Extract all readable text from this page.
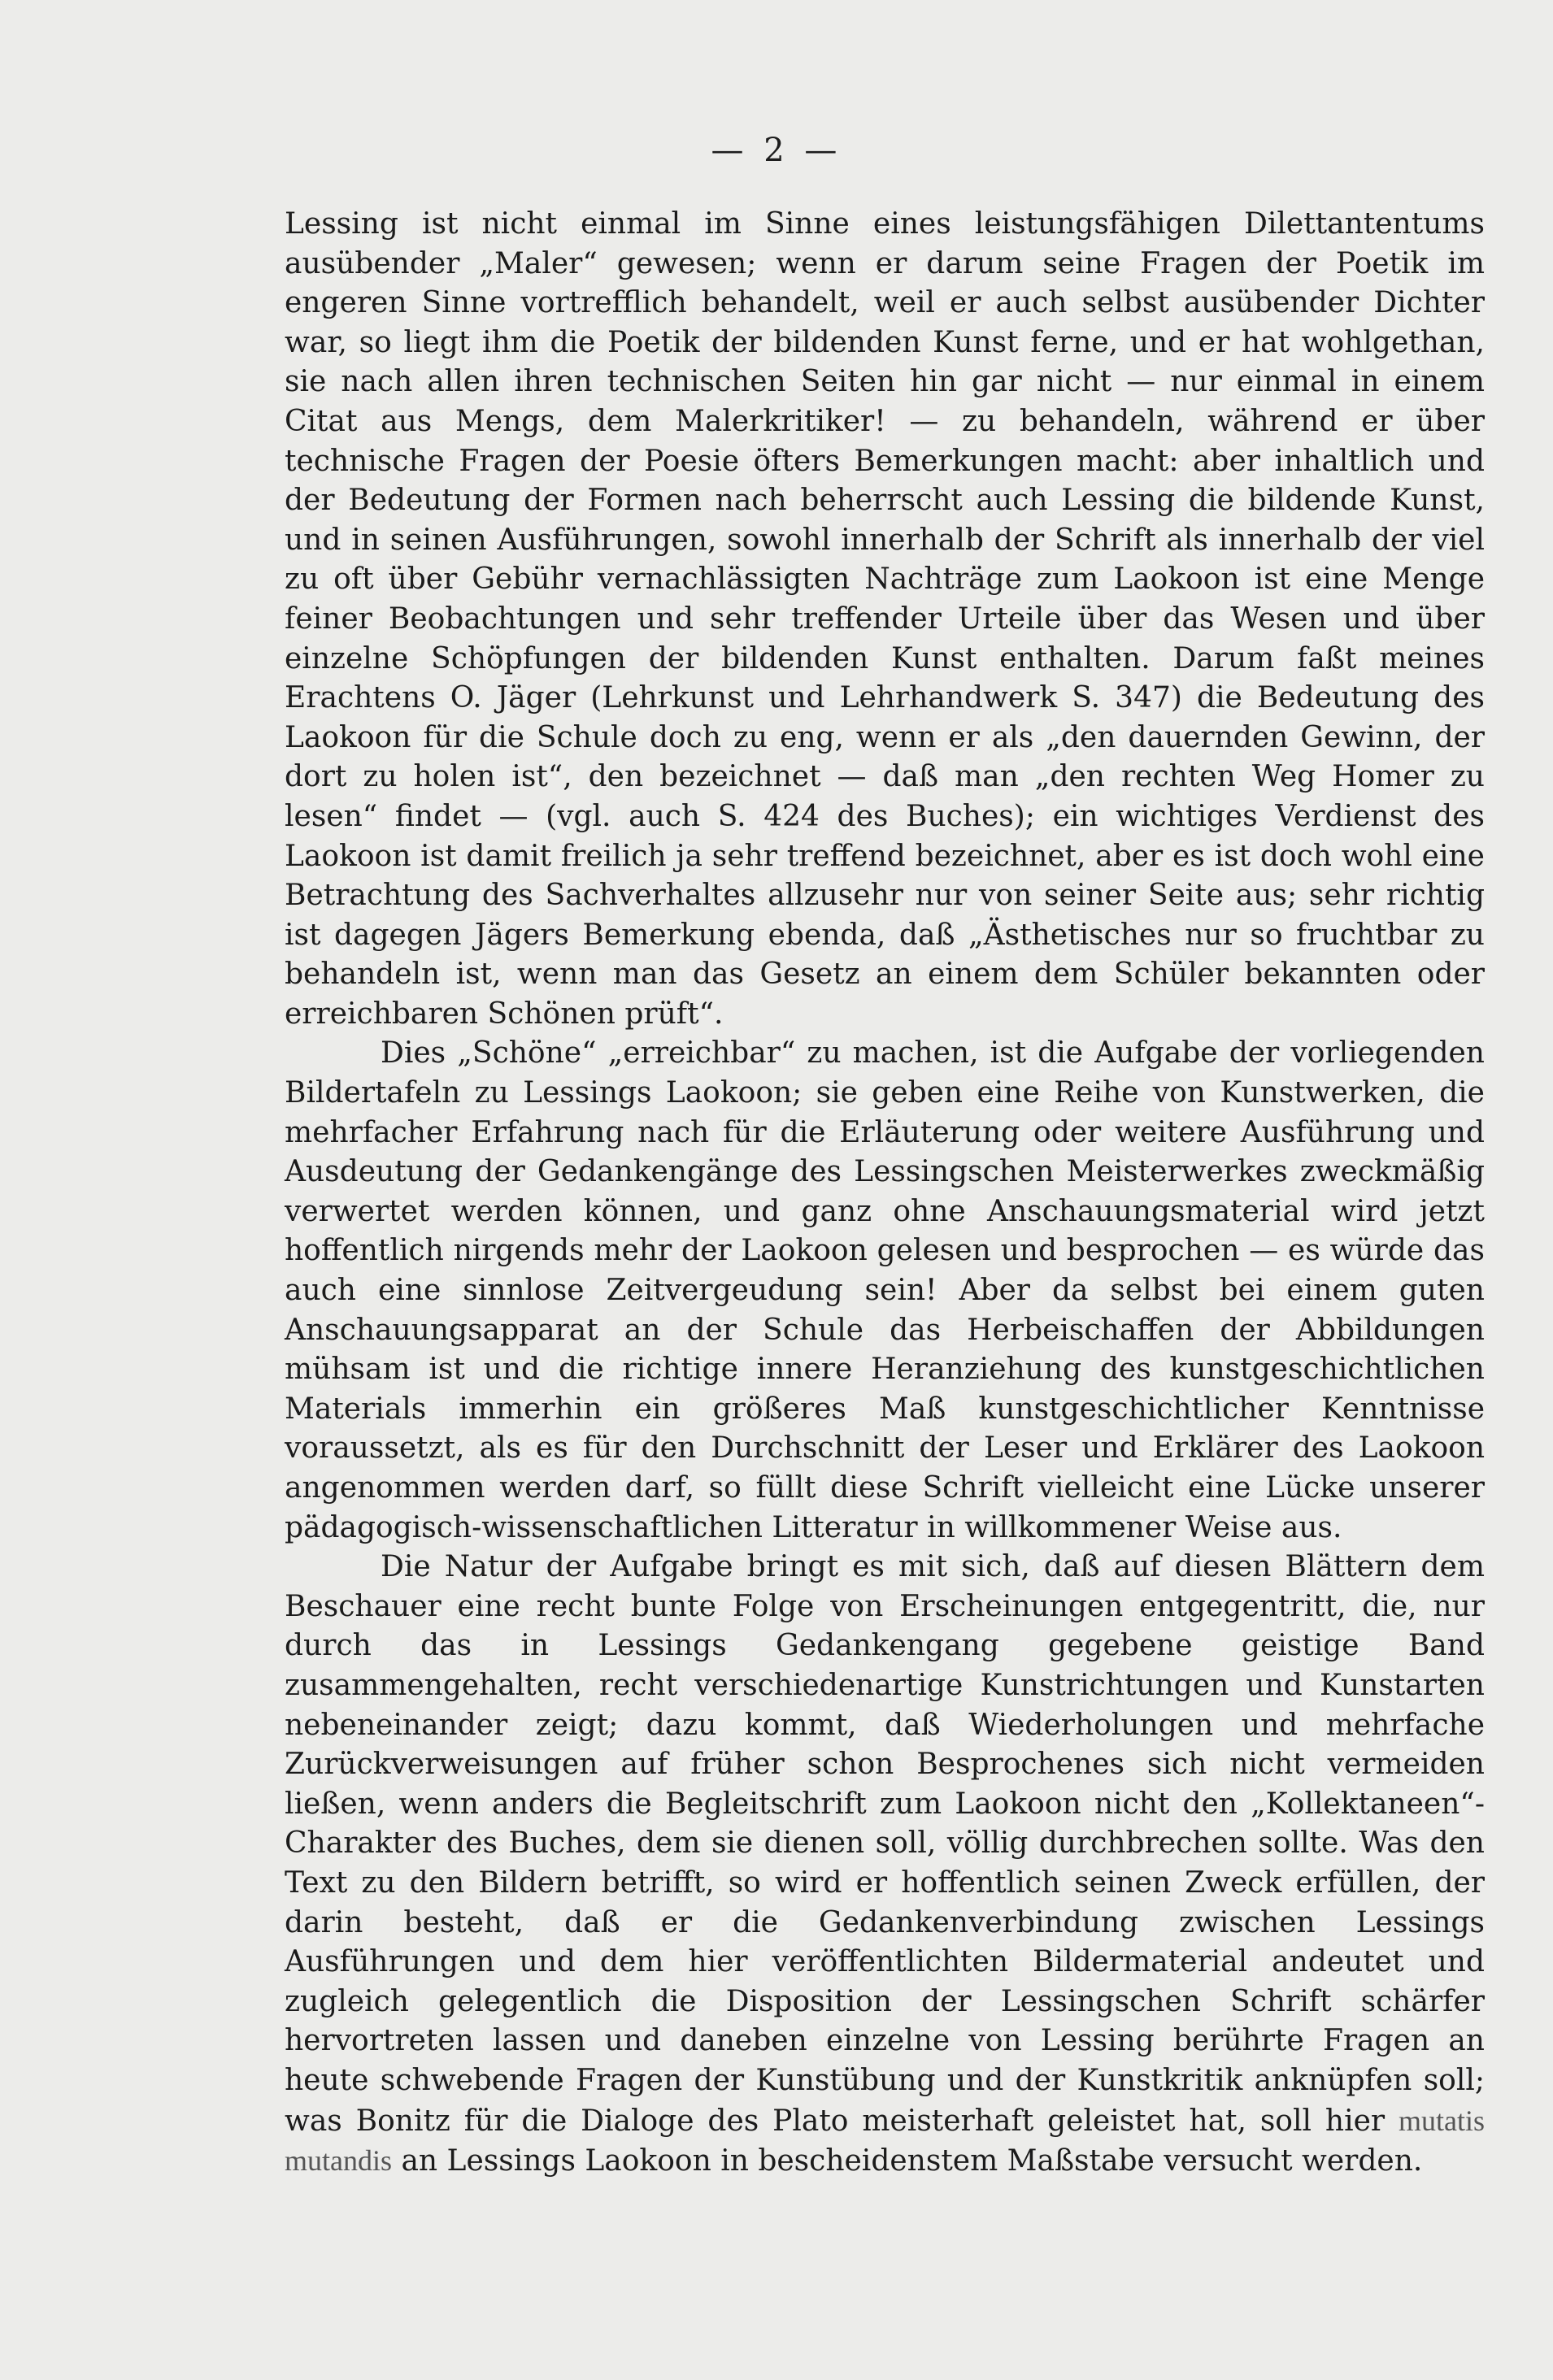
— 2 —

Lessing ist nicht einmal im Sinne eines leistungsfähigen Dilettantentums ausübender „Maler“ gewesen; wenn er darum seine Fragen der Poetik im engeren Sinne vortrefflich behandelt, weil er auch selbst ausübender Dichter war, so liegt ihm die Poetik der bildenden Kunst ferne, und er hat wohlgethan, sie nach allen ihren technischen Seiten hin gar nicht — nur einmal in einem Citat aus Mengs, dem Malerkritiker! — zu behandeln, während er über technische Fragen der Poesie öfters Bemerkungen macht: aber inhaltlich und der Bedeutung der Formen nach beherrscht auch Lessing die bildende Kunst, und in seinen Ausführungen, sowohl innerhalb der Schrift als innerhalb der viel zu oft über Gebühr vernachlässigten Nachträge zum Laokoon ist eine Menge feiner Beobachtungen und sehr treffender Urteile über das Wesen und über einzelne Schöpfungen der bildenden Kunst enthalten. Darum faßt meines Erachtens O. Jäger (Lehrkunst und Lehrhandwerk S. 347) die Bedeutung des Laokoon für die Schule doch zu eng, wenn er als „den dauernden Gewinn, der dort zu holen ist“, den bezeichnet — daß man „den rechten Weg Homer zu lesen“ findet — (vgl. auch S. 424 des Buches); ein wichtiges Verdienst des Laokoon ist damit freilich ja sehr treffend bezeichnet, aber es ist doch wohl eine Betrachtung des Sachverhaltes allzusehr nur von seiner Seite aus; sehr richtig ist dagegen Jägers Bemerkung ebenda, daß „Ästhetisches nur so fruchtbar zu behandeln ist, wenn man das Gesetz an einem dem Schüler bekannten oder erreichbaren Schönen prüft“.

Dies „Schöne“ „erreichbar“ zu machen, ist die Aufgabe der vorliegenden Bildertafeln zu Lessings Laokoon; sie geben eine Reihe von Kunstwerken, die mehrfacher Erfahrung nach für die Erläuterung oder weitere Ausführung und Ausdeutung der Gedankengänge des Lessingschen Meisterwerkes zweckmäßig verwertet werden können, und ganz ohne Anschauungsmaterial wird jetzt hoffentlich nirgends mehr der Laokoon gelesen und besprochen — es würde das auch eine sinnlose Zeitvergeudung sein! Aber da selbst bei einem guten Anschauungsapparat an der Schule das Herbeischaffen der Abbildungen mühsam ist und die richtige innere Heranziehung des kunstgeschichtlichen Materials immerhin ein größeres Maß kunstgeschichtlicher Kenntnisse voraussetzt, als es für den Durchschnitt der Leser und Erklärer des Laokoon angenommen werden darf, so füllt diese Schrift vielleicht eine Lücke unserer pädagogisch-wissenschaftlichen Litteratur in willkommener Weise aus.

Die Natur der Aufgabe bringt es mit sich, daß auf diesen Blättern dem Beschauer eine recht bunte Folge von Erscheinungen entgegentritt, die, nur durch das in Lessings Gedankengang gegebene geistige Band zusammengehalten, recht verschiedenartige Kunstrichtungen und Kunstarten nebeneinander zeigt; dazu kommt, daß Wiederholungen und mehrfache Zurückverweisungen auf früher schon Besprochenes sich nicht vermeiden ließen, wenn anders die Begleitschrift zum Laokoon nicht den „Kollektaneen“-Charakter des Buches, dem sie dienen soll, völlig durchbrechen sollte. Was den Text zu den Bildern betrifft, so wird er hoffentlich seinen Zweck erfüllen, der darin besteht, daß er die Gedankenverbindung zwischen Lessings Ausführungen und dem hier veröffentlichten Bildermaterial andeutet und zugleich gelegentlich die Disposition der Lessingschen Schrift schärfer hervortreten lassen und daneben einzelne von Lessing berührte Fragen an heute schwebende Fragen der Kunstübung und der Kunstkritik anknüpfen soll; was Bonitz für die Dialoge des Plato meisterhaft geleistet hat, soll hier mutatis mutandis an Lessings Laokoon in bescheidenstem Maßstabe versucht werden.
